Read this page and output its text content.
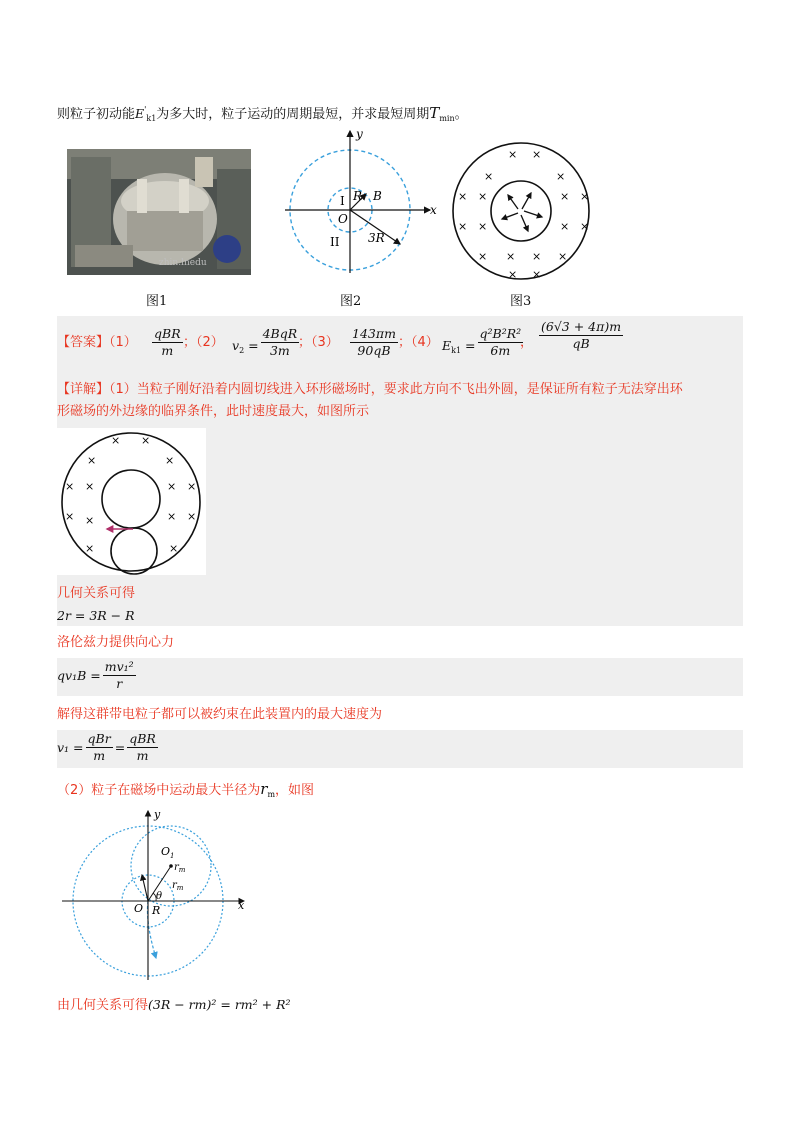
则粒子初动能$E'_{k1}$为多大时，粒子运动的周期最短，并求最短周期$T_{min}$。
zhin.lnedu
图1
y
x
O
R B
3R
I
II
图2
× ×
×	×
× ×	× ×
× ×	× ×
× × × ×
× ×
图3
【答案】$(1) \frac{\text{qBR}}{m}$ ；（2） $v_2 = \frac{\text{4BqR}}{3m}$
；$(3) \frac{143\pi m}{90qB}$ ；（4） $E_{k1} = \frac{\text{q²B²R²}}{6m}$
， $\frac{(6√3 + 4\pi)m}{qB}$
【详解】（1）当粒子刚好沿着内圆切线进入环形磁场时，要求此方向不飞出外圆，是保证所有粒子无法穿出环
形磁场的外边缘的临界条件，此时速度最大，如图所示
× ×
×	×
× ×	× ×
× ×	× ×
×	×
几何关系可得
2r = 3R − R
洛伦兹力提供向心力
$qv_1B = \frac{\text{mv₁²}}{r}$
解得这群带电粒子都可以被约束在此装置内的最大速度为
$v_1 = \frac{\text{qBr}}{m} = \frac{\text{qBR}}{m}$
（2）粒子在磁场中运动最大半径为$r_m$，如图
y
x
O R
θ
$O_1$
$r_m$
$r_m$
由几何关系可得(3R − rm)² = rm² + R²
